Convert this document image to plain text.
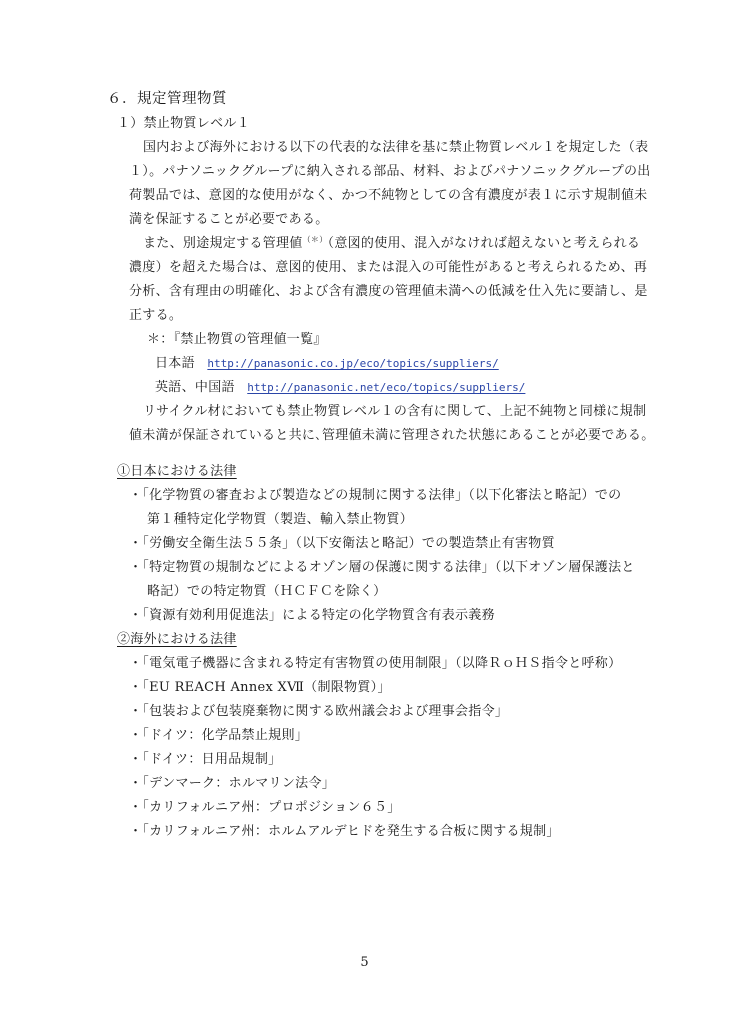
６．規定管理物質
１）禁止物質レベル１
国内および海外における以下の代表的な法律を基に禁止物質レベル１を規定した（表
１）。パナソニックグループに納入される部品、材料、およびパナソニックグループの出
荷製品では、意図的な使用がなく、かつ不純物としての含有濃度が表１に示す規制値未
満を保証することが必要である。
また、別途規定する管理値（＊）（意図的使用、混入がなければ超えないと考えられる
濃度）を超えた場合は、意図的使用、または混入の可能性があると考えられるため、再
分析、含有理由の明確化、および含有濃度の管理値未満への低減を仕入先に要請し、是
正する。
＊：『禁止物質の管理値一覧』
日本語 http://panasonic.co.jp/eco/topics/suppliers/
英語、中国語 http://panasonic.net/eco/topics/suppliers/
リサイクル材においても禁止物質レベル１の含有に関して、上記不純物と同様に規制
値未満が保証されていると共に､管理値未満に管理された状態にあることが必要である。
①日本における法律
・「化学物質の審査および製造などの規制に関する法律」（以下化審法と略記）での
第１種特定化学物質（製造、輸入禁止物質）
・「労働安全衛生法５５条」（以下安衛法と略記）での製造禁止有害物質
・「特定物質の規制などによるオゾン層の保護に関する法律」（以下オゾン層保護法と
略記）での特定物質（ＨＣＦＣを除く）
・「資源有効利用促進法」による特定の化学物質含有表示義務
②海外における法律
・「電気電子機器に含まれる特定有害物質の使用制限」（以降ＲｏＨＳ指令と呼称）
・「EU REACH Annex ⅩⅦ（制限物質）」
・「包装および包装廃棄物に関する欧州議会および理事会指令」
・「ドイツ：化学品禁止規則」
・「ドイツ：日用品規制」
・「デンマーク：ホルマリン法令」
・「カリフォルニア州：プロポジション６５」
・「カリフォルニア州：ホルムアルデヒドを発生する合板に関する規制」
5
